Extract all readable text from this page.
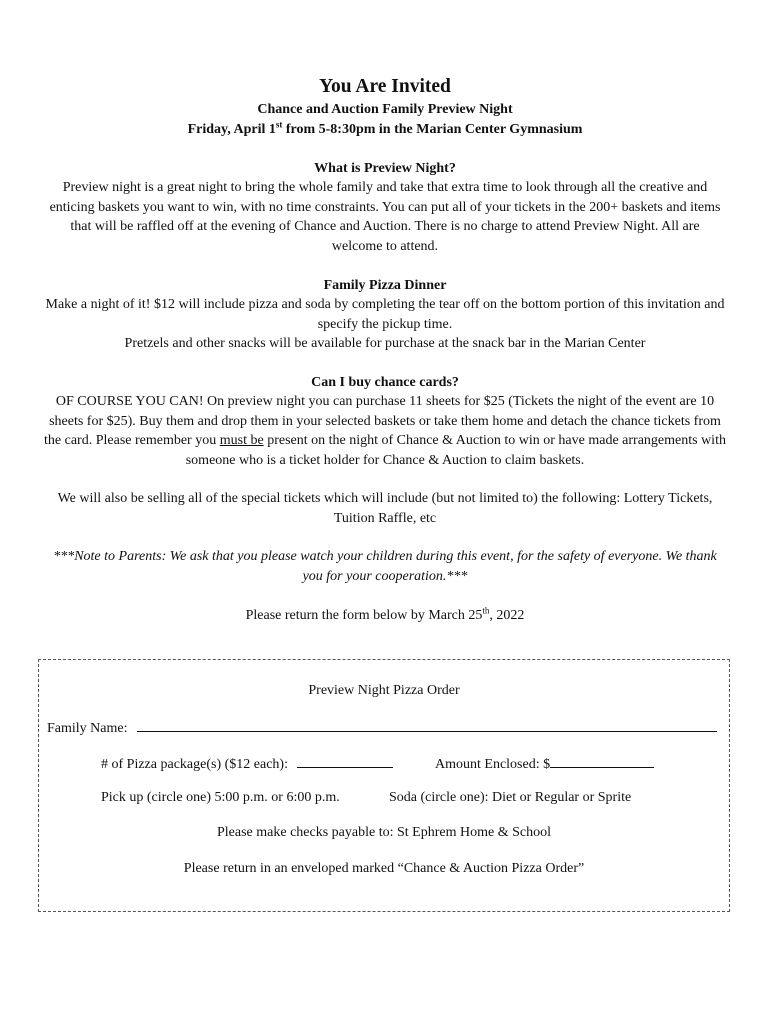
You Are Invited
Chance and Auction Family Preview Night
Friday, April 1st from 5-8:30pm in the Marian Center Gymnasium
What is Preview Night?
Preview night is a great night to bring the whole family and take that extra time to look through all the creative and enticing baskets you want to win, with no time constraints. You can put all of your tickets in the 200+ baskets and items that will be raffled off at the evening of Chance and Auction. There is no charge to attend Preview Night. All are welcome to attend.
Family Pizza Dinner
Make a night of it! $12 will include pizza and soda by completing the tear off on the bottom portion of this invitation and specify the pickup time.
Pretzels and other snacks will be available for purchase at the snack bar in the Marian Center
Can I buy chance cards?
OF COURSE YOU CAN! On preview night you can purchase 11 sheets for $25 (Tickets the night of the event are 10 sheets for $25). Buy them and drop them in your selected baskets or take them home and detach the chance tickets from the card. Please remember you must be present on the night of Chance & Auction to win or have made arrangements with someone who is a ticket holder for Chance & Auction to claim baskets.
We will also be selling all of the special tickets which will include (but not limited to) the following: Lottery Tickets, Tuition Raffle, etc
***Note to Parents: We ask that you please watch your children during this event, for the safety of everyone. We thank you for your cooperation.***
Please return the form below by March 25th, 2022
Preview Night Pizza Order
Family Name:
# of Pizza package(s) ($12 each):	Amount Enclosed: $
Pick up (circle one) 5:00 p.m. or 6:00 p.m.	Soda (circle one): Diet or Regular or Sprite
Please make checks payable to: St Ephrem Home & School
Please return in an enveloped marked “Chance & Auction Pizza Order”
